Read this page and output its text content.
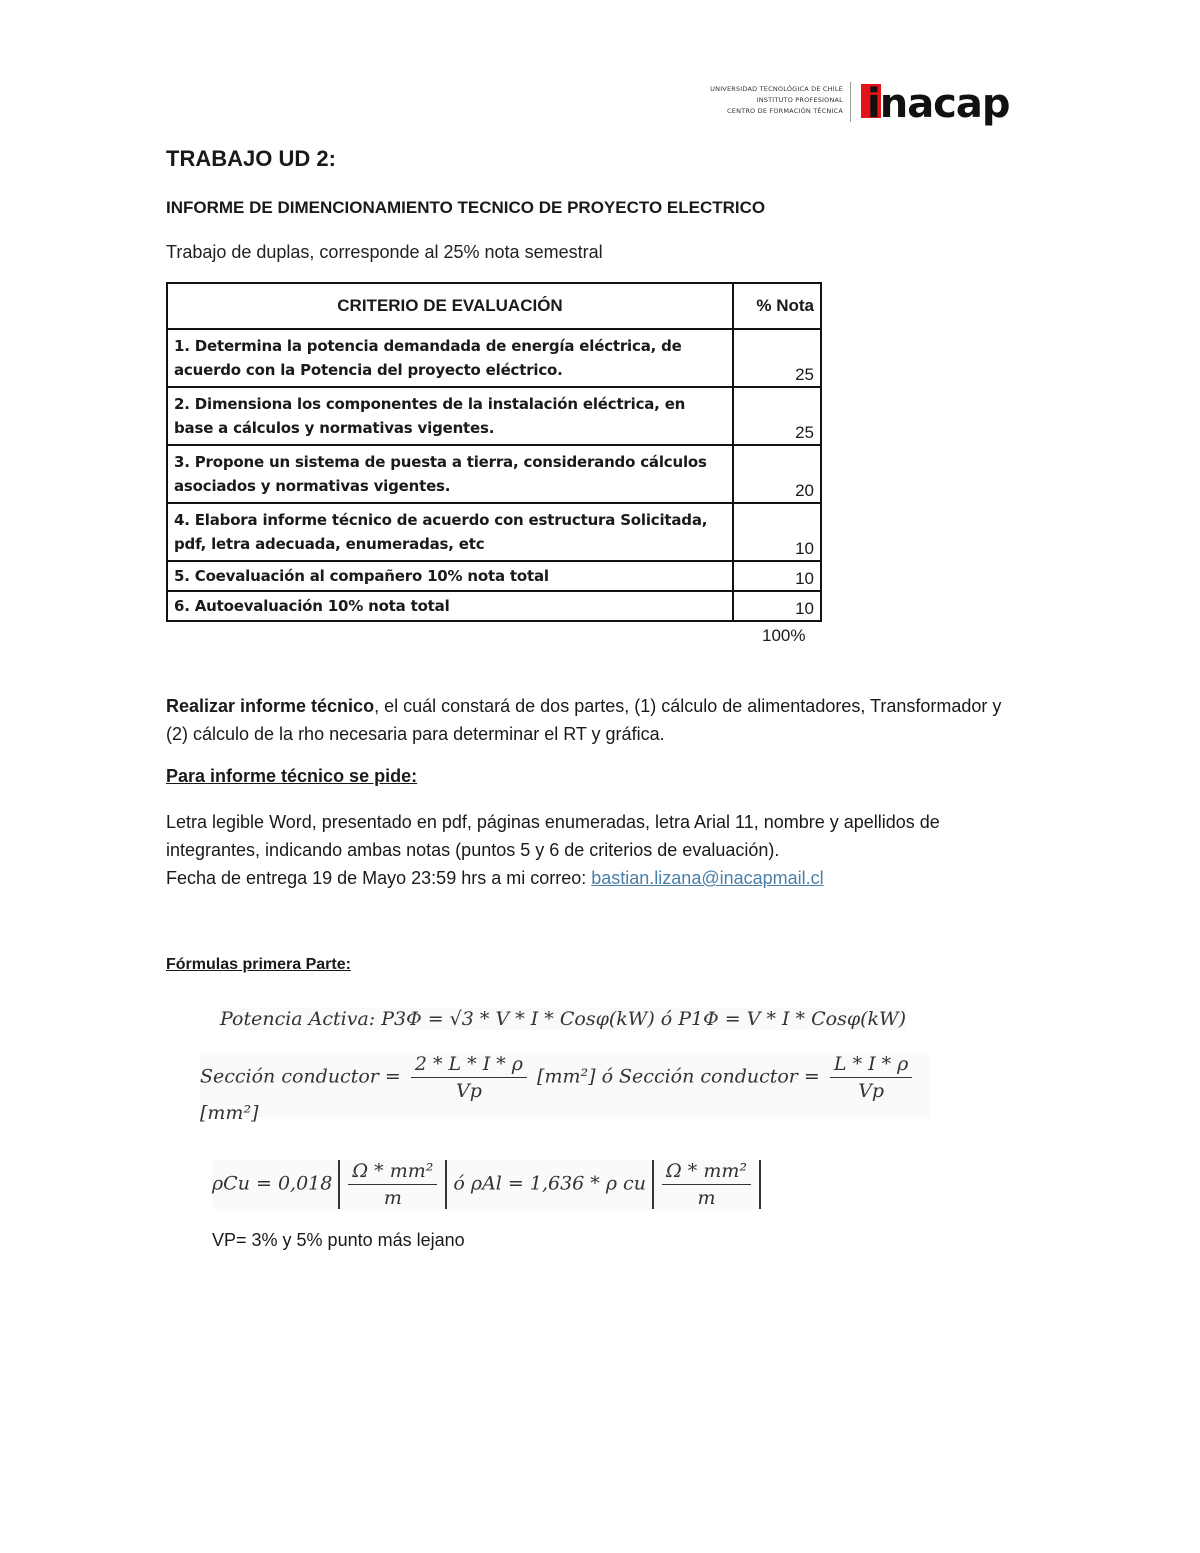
UNIVERSIDAD TECNOLÓGICA DE CHILE
INSTITUTO PROFESIONAL
CENTRO DE FORMACIÓN TÉCNICA inacap
TRABAJO UD 2:
INFORME DE DIMENCIONAMIENTO TECNICO DE PROYECTO ELECTRICO
Trabajo de duplas, corresponde al 25% nota semestral
CRITERIO DE EVALUACIÓN	% Nota
1. Determina la potencia demandada de energía eléctrica, de acuerdo con la Potencia del proyecto eléctrico.	25
2. Dimensiona los componentes de la instalación eléctrica, en base a cálculos y normativas vigentes.	25
3. Propone un sistema de puesta a tierra, considerando cálculos asociados y normativas vigentes.	20
4. Elabora informe técnico de acuerdo con estructura Solicitada, pdf, letra adecuada, enumeradas, etc	10
5. Coevaluación al compañero 10% nota total	10
6. Autoevaluación 10% nota total	10
100%
Realizar informe técnico, el cuál constará de dos partes, (1) cálculo de alimentadores, Transformador y (2) cálculo de la rho necesaria para determinar el RT y gráfica.
Para informe técnico se pide:
Letra legible Word, presentado en pdf, páginas enumeradas, letra Arial 11, nombre y apellidos de integrantes, indicando ambas notas (puntos 5 y 6 de criterios de evaluación).
Fecha de entrega 19 de Mayo 23:59 hrs a mi correo: bastian.lizana@inacapmail.cl
Fórmulas primera Parte:
Potencia Activa: P3Φ = √3 * V * I * Cosφ(kW) ó P1Φ = V * I * Cosφ(kW)
Sección conductor = $\frac{2 * L * I * \rho}{Vp} [mm^2]$ ó Sección conductor = $\frac{L * I * \rho}{Vp}$
[mm²]
$\rho Cu = 0,018 \frac{\text{Ω * mm²}}{m}$ ó ρAl = 1,636 * ρ cu $\frac{\text{Ω * mm²}}{m}$
VP= 3% y 5% punto más lejano
